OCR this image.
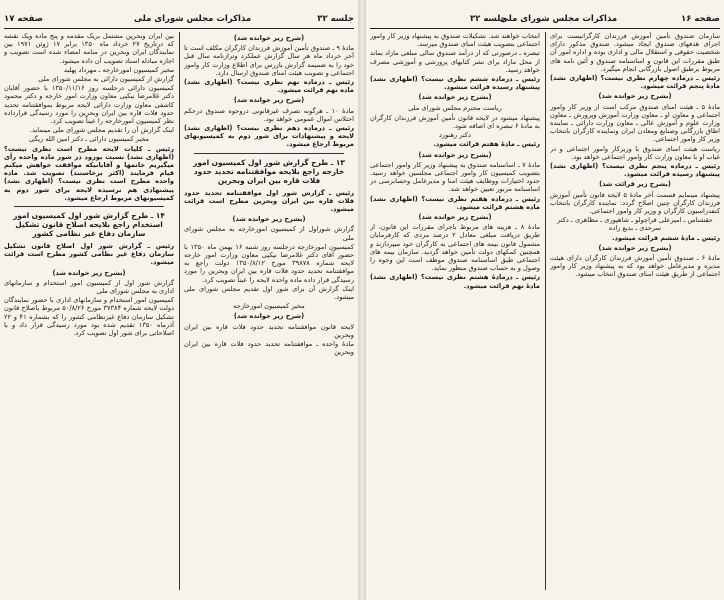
صفحه ۱۷	مذاکرات مجلس شورای ملی	جلسه ۳۲

(شرح زیر خوانده شد)

مادهٔ ۹ ـ صندوق تأمین آموزش فرزندان کارگران مکلف است تا آخر خرداد ماه هر سال گزارش عملکرد وترازنامه سال قبل خود را به ضمیمه گزارش بازرس برای اطلاع وزارت کار وامور اجتماعی و تصویب هیئت امنای صندوق ارسال دارد.

رئیس ـ درماده نهم نظری نیست؟ (اظهاری نشد) ماده نهم قرائت میشود.

(شرح زیر خوانده شد)

مادهٔ ۱۰ ـ هرگونه تصرف غیرقانونی دروجوه صندوق درحکم اختلاس اموال عمومی خواهد بود.

رئیس ـ درماده دهم نظری نیست؟ (اظهاری نشد) لایحه و پیشنهادات برای شور دوم به کمیسیونهای مربوط ارجاع میشود.

۱۳ ـ طرح گزارش شور اول کمیسیون امور خارجه راجع بلایحه موافقتنامه تحدید حدود فلات قاره بین ایران وبحرین

رئیس ـ گزارش شور اول موافقتنامه تحدید حدود فلات قاره بین ایران وبحرین مطرح است قرائت میشود.

(بشرح زیر خوانده شد)

گزارش شوراول از کمیسیون امورخارجه به مجلس شورای ملی

کمیسیون امورخارجه درجلسه روز شنبه ۱۶ بهمن ماه ۱۳۵۰ با حضور آقای دکتر غلامرضا نیکپی معاون وزارت امور خارجه لایحه شماره ۳۹۸۷۸ مورخ ۱۳۵۰/۸/۱۲ دولت راجع به موافقتنامه تحدید حدود فلات قاره بین ایران وبحرین را مورد رسیدگی قرار داده ماده واحده لایحه را عیناً تصویب کرد.

اینک گزارش آن برای شور اول تقدیم مجلس شورای ملی میشود.

مخبر کمیسیون امورخارجه

(شرح زیر خوانده شد)

لایحه قانون موافقتنامه تحدید حدود فلات قاره بین ایران وبحرین

مادهٔ واحده ـ موافقتنامه تحدید حدود فلات قاره بین ایران وبحرین

بین ایران وبحرین مشتمل بریک مقدمه و پنج ماده ویک نقشه که درتاریخ ۲۷ خرداد ماه ۱۳۵۰ برابر ۱۷ ژوئن ۱۹۷۱ بین نمایندگان ایران وبحرین در منامه امضاء شده است تصویب و اجازه مبادله اسناد تصویب آن داده میشود.

مخبر کمیسیون امورخارجه ـ مهرداد پهلبد

گزارش از کمیسیون دارائی به مجلس شورای ملی

کمیسیون دارائی درجلسه روز ۱۳۵۰/۱۱/۱۶ با حضور آقایان دکتر غلامرضا نیکپی معاون وزارت امور خارجه و دکتر محمود کاشفی معاون وزارت دارائی لایحه مربوط بموافقتنامه تحدید حدود فلات قاره بین ایران وبحرین را مورد رسیدگی قرارداده نظر کمیسیون امورخارجه را عیناً تصویب کرد.

اینک گزارش آن را تقدیم مجلس شورای ملی مینماید.

مخبر کمیسیون دارائی ـ دکتر امین الله ریگی

رئیس ـ کلیات لایحه مطرح است نظری نیست؟ (اظهاری نشد) نسبت بورود در شور ماده واحده رأی میگیریم خانمها و آقایانیکه موافقت خواهش میکنم قیام فرمایند (اکثر برخاستند) تصویب شد. ماده واحده مطرح است نظری نیست؟ (اظهاری نشد) پیشنهادی هم نرسیده لایحه برای شور دوم به کمیسیونهای مربوط ارجاع میشود.

۱۴ ـ طرح گزارش شور اول کمیسیون امور استخدام راجع بلایحه اصلاح قانون تشکیل سازمان دفاع غیر نظامی کشور

رئیس ـ گزارش شور اول اصلاح قانون تشکیل سازمان دفاع غیر نظامی کشور مطرح است قرائت میشود.

(بشرح زیر خوانده شد)

گزارش شور اول از کمیسیون امور استخدام و سازمانهای اداری به مجلس شورای ملی

کمیسیون امور استخدام و سازمانهای اداری با حضور نمایندگان دولت لایحه شماره ۳۷۳۸۴ مورخ ۵۰/۸/۲۶ مربوط باصلاح قانون تشکیل سازمان دفاع غیرنظامی کشور را که بشماره ۴۱ و ۲۲ آذرماه ۱۳۵۰ تقدیم شده بود مورد رسیدگی قرار داد و با اصلاحاتی برای شور اول تصویب کرد.

صفحه ۱۶
مذاکرات مجلس شورای ملی
جلسه ۳۲

سازمان صندوق تأمین آموزش فرزندان کارگرانیست برای اجرای هدفهای صندوق ایجاد میشود. صندوق مذکور دارای شخصیت حقوقی و استقلال مالی و اداری بوده و اداره امور آن طبق مقررات این قانون و اساسنامه صندوق و آئین نامه های مربوط برطبق اصول بازرگانی انجام میگیرد.

رئیس ـ درماده چهارم نظری نیست؟ (اظهاری نشد) مادهٔ پنجم قرائت میشود.

(بشرح زیر خوانده شد)

مادهٔ ۵ ـ هیئت امنای صندوق مرکب است از وزیر کار وامور اجتماعی و معاون او ـ معاون وزارت آموزش وپرورش ـ معاون وزارت علوم و آموزش عالی ـ معاون وزارت دارائی ـ نماینده اطاق بازرگانی وصنایع ومعادن ایران ونماینده کارگران بانتخاب وزیر کار وامور اجتماعی.

ریاست هیئت امنای صندوق با وزیرکار وامور اجتماعی و در غیاب او با معاون وزارت کار وامور اجتماعی خواهد بود.

رئیس ـ درماده پنجم نظری نیست؟ (اظهاری نشد) پیشنهاد رسیده قرائت میشود.

(بشرح زیر قرائت شد)

پیشنهاد مینمایم قسمت آخر مادهٔ ۵ لایحه قانون تأمین آموزش فرزندان کارگران چنین اصلاح گردد: نماینده کارگران بانتخاب کنفدراسیون کارگران و وزیر کار وامور اجتماعی.

حقشناس ـ امیرعلی قراچولو ـ شاهپوری ـ مظاهری ـ دکتر سرحدی ـ بدیع زاده

رئیس ـ مادهٔ ششم قرائت میشود.

(بشرح زیر خوانده شد)

مادهٔ ۶ ـ صندوق تأمین آموزش فرزندان کارگران دارای هیئت مدیره و مدیرعامل خواهد بود که به پیشنهاد وزیر کار وامور اجتماعی از طریق هیئت امنای صندوق انتخاب میشود.

انتخاب خواهند شد. تشکیلات صندوق به پیشنهاد وزیر کار وامور اجتماعی بتصویب هیئت امنای صندوق میرسد.

تبصره ـ درصورتی که از درآمد صندوق سالی مبلغی مازاد بماند از محل مازاد برای نشر کتابهای پرورشی و آموزشی مصرف خواهد رسید.

رئیس ـ درماده ششم نظری نیست؟ (اظهاری نشد) پیشنهاد رسیده قرائت میشود.

(بشرح زیر خوانده شد)

ریاست محترم مجلس شورای ملی

پیشنهاد میشود در لایحه قانون تأمین آموزش فرزندان کارگران به مادهٔ ۶ تبصره ای اضافه شود.

دکتر رهنورد

رئیس ـ مادهٔ هفتم قرائت میشود.

(بشرح زیر خوانده شد)

مادهٔ ۷ ـ اساسنامه صندوق به پیشنهاد وزیر کار وامور اجتماعی بتصویب کمیسیون کار وامور اجتماعی مجلسین خواهد رسید. حدود اختیارات ووظایف هیئت امنا و مدیرعامل وحسابرسی در اساسنامه مزبور تعیین خواهد شد.

رئیس ـ درماده هفتم نظری نیست؟ (اظهاری نشد) ماده هشتم قرائت میشود.

(بشرح زیر خوانده شد)

مادهٔ ۸ ـ هزینه های مربوط باجرای مقررات این قانون، از طریق دریافت مبلغی معادل ۲ درصد مزدی که کارفرمایان مشمول قانون بیمه های اجتماعی به کارگران خود میپردازند و همچنین کمکهای دولت تأمین خواهد گردید. سازمان بیمه های اجتماعی طبق اساسنامه صندوق موظف است این وجوه را وصول و به حساب صندوق منظور نماید.

رئیس ـ درمادهٔ هشتم نظری نیست؟ (اظهاری نشد) مادهٔ نهم قرائت میشود.
